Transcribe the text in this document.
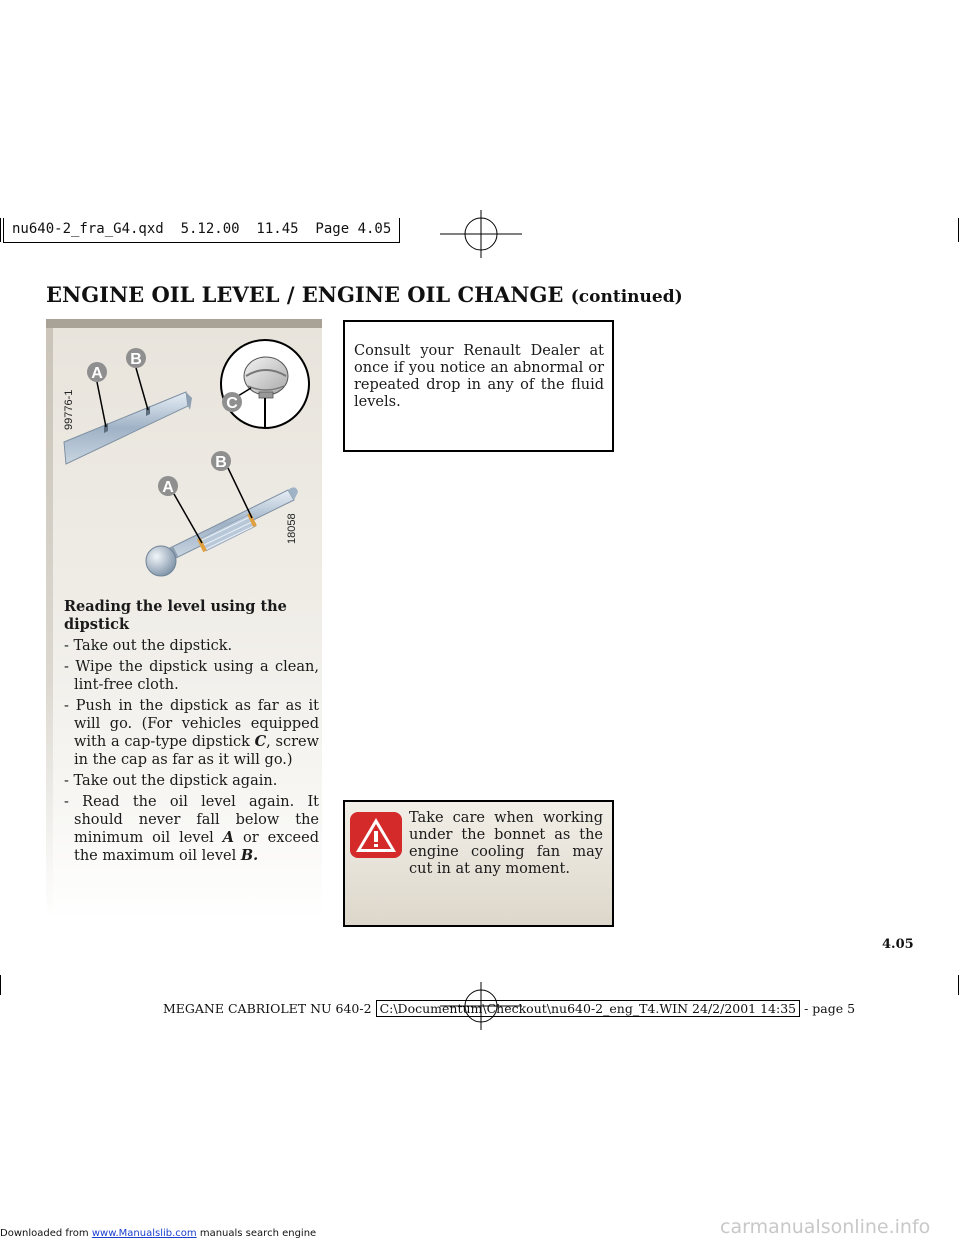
nu640-2_fra_G4.qxd  5.12.00  11.45  Page 4.05
ENGINE OIL LEVEL / ENGINE OIL CHANGE (continued)
99776-1
18058
A
B
C
A
B
Reading the level using the dipstick
- Take out the dipstick.
- Wipe the dipstick using a clean, lint-free cloth.
- Push in the dipstick as far as it will go. (For vehicles equipped with a cap-type dipstick C, screw in the cap as far as it will go.)
- Take out the dipstick again.
- Read the oil level again. It should never fall below the minimum oil level A or exceed the maximum oil level B.

Consult your Renault Dealer at once if you notice an abnormal or repeated drop in any of the fluid levels.

Take care when working under the bonnet as the engine cooling fan may cut in at any moment.
4.05
MEGANE CABRIOLET NU 640-2 C:\Documentum\Checkout\nu640-2_eng_T4.WIN 24/2/2001 14:35 - page 5
Downloaded from www.Manualslib.com manuals search engine	carmanualsonline.info
